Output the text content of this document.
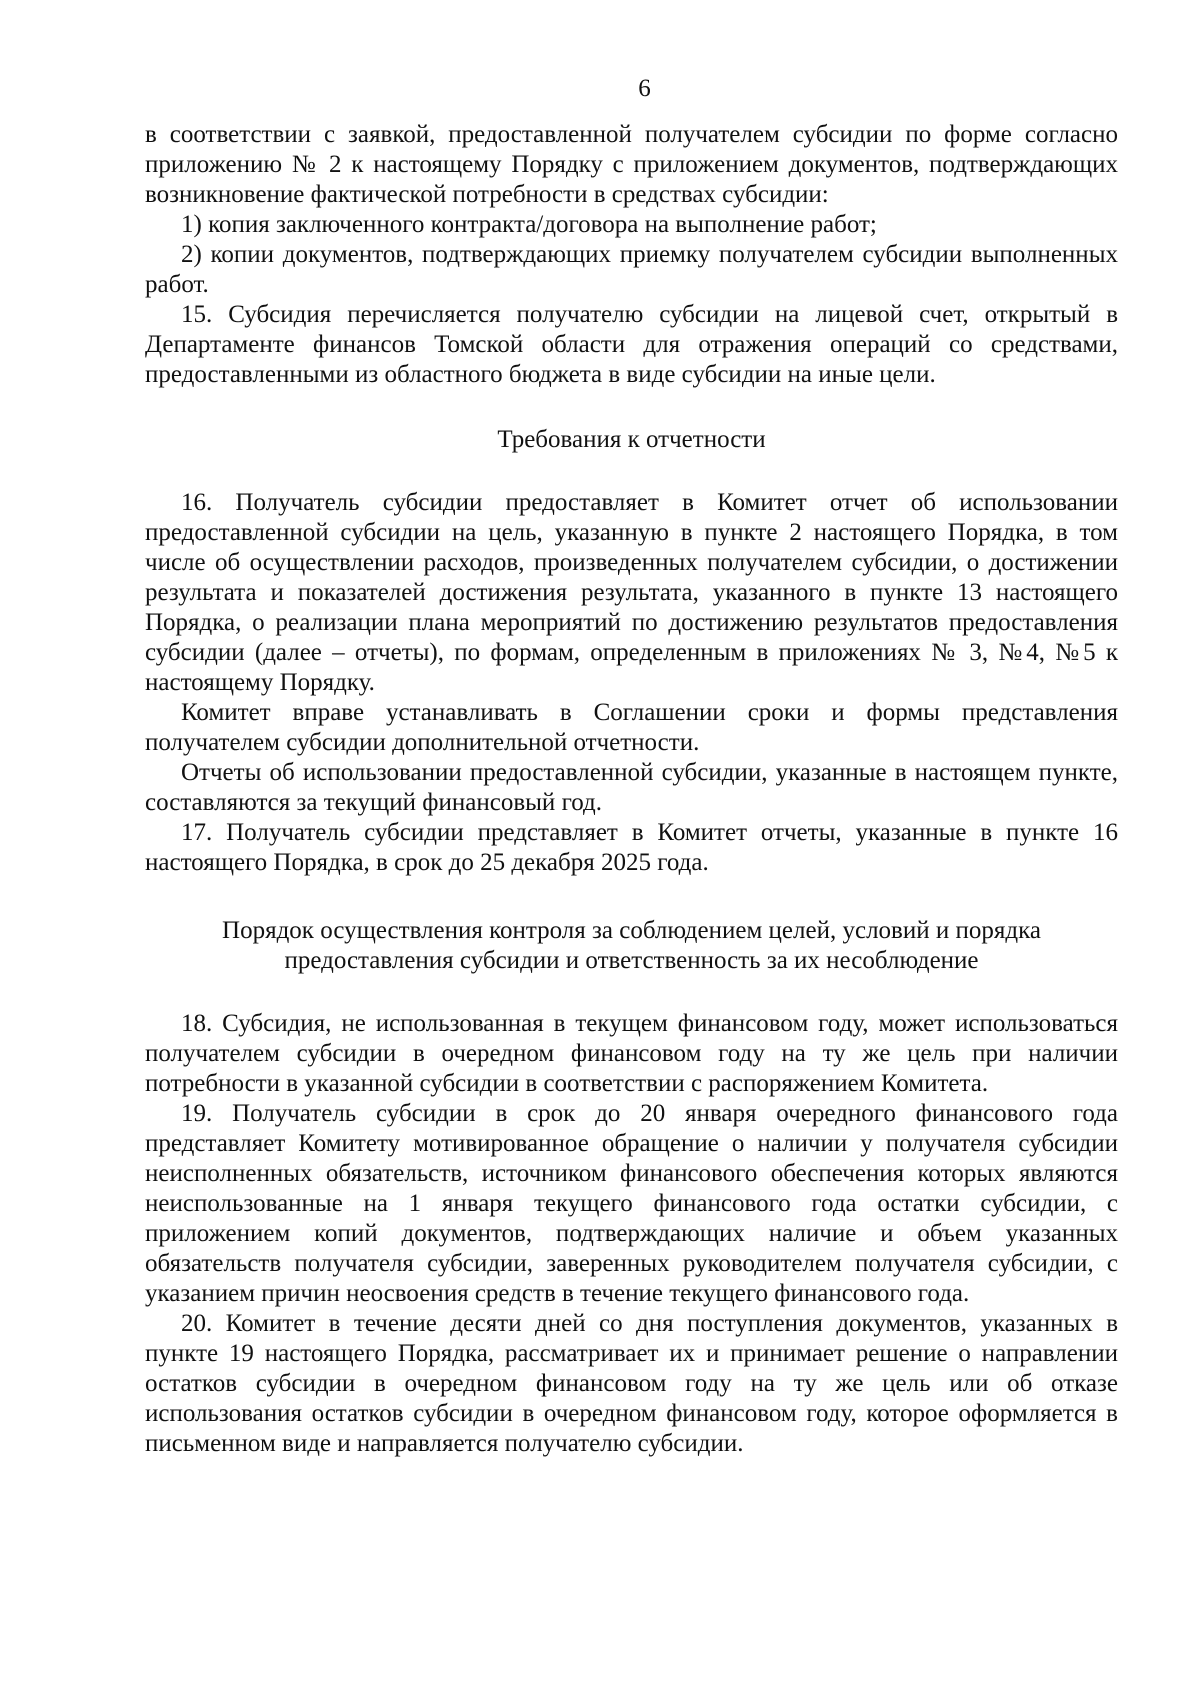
6

в соответствии с заявкой, предоставленной получателем субсидии по форме согласно приложению № 2 к настоящему Порядку с приложением документов, подтверждающих возникновение фактической потребности в средствах субсидии:

1) копия заключенного контракта/договора на выполнение работ;

2) копии документов, подтверждающих приемку получателем субсидии выполненных работ.

15. Субсидия перечисляется получателю субсидии на лицевой счет, открытый в Департаменте финансов Томской области для отражения операций со средствами, предоставленными из областного бюджета в виде субсидии на иные цели.

Требования к отчетности

16. Получатель субсидии предоставляет в Комитет отчет об использовании предоставленной субсидии на цель, указанную в пункте 2 настоящего Порядка, в том числе об осуществлении расходов, произведенных получателем субсидии, о достижении результата и показателей достижения результата, указанного в пункте 13 настоящего Порядка, о реализации плана мероприятий по достижению результатов предоставления субсидии (далее – отчеты), по формам, определенным в приложениях № 3, №4, №5 к настоящему Порядку.

Комитет вправе устанавливать в Соглашении сроки и формы представления получателем субсидии дополнительной отчетности.

Отчеты об использовании предоставленной субсидии, указанные в настоящем пункте, составляются за текущий финансовый год.

17. Получатель субсидии представляет в Комитет отчеты, указанные в пункте 16 настоящего Порядка, в срок до 25 декабря 2025 года.

Порядок осуществления контроля за соблюдением целей, условий и порядка

предоставления субсидии и ответственность за их несоблюдение

18. Субсидия, не использованная в текущем финансовом году, может использоваться получателем субсидии в очередном финансовом году на ту же цель при наличии потребности в указанной субсидии в соответствии с распоряжением Комитета.

19. Получатель субсидии в срок до 20 января очередного финансового года представляет Комитету мотивированное обращение о наличии у получателя субсидии неисполненных обязательств, источником финансового обеспечения которых являются неиспользованные на 1 января текущего финансового года остатки субсидии, с приложением копий документов, подтверждающих наличие и объем указанных обязательств получателя субсидии, заверенных руководителем получателя субсидии, с указанием причин неосвоения средств в течение текущего финансового года.

20. Комитет в течение десяти дней со дня поступления документов, указанных в пункте 19 настоящего Порядка, рассматривает их и принимает решение о направлении остатков субсидии в очередном финансовом году на ту же цель или об отказе использования остатков субсидии в очередном финансовом году, которое оформляется в письменном виде и направляется получателю субсидии.
